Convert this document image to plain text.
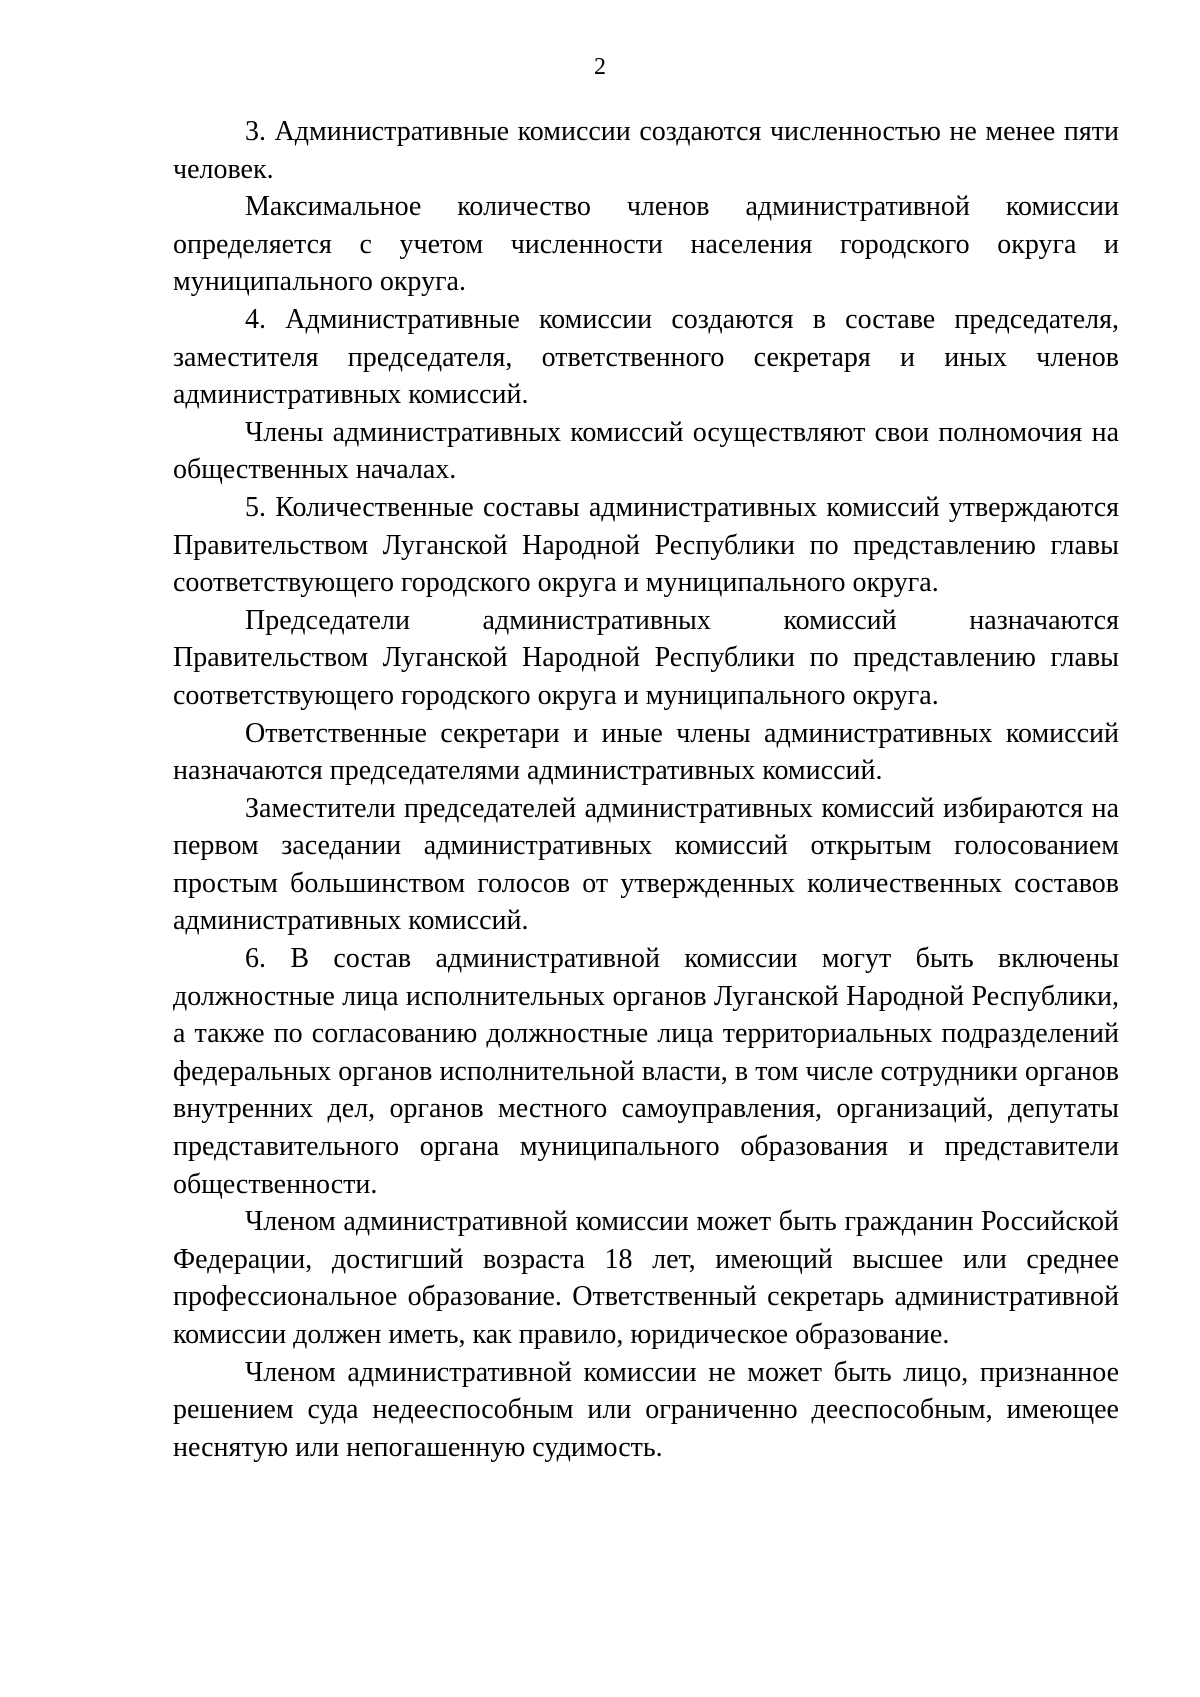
2

3. Административные комиссии создаются численностью не менее пяти человек.

Максимальное количество членов административной комиссии определяется с учетом численности населения городского округа и муниципального округа.

4. Административные комиссии создаются в составе председателя, заместителя председателя, ответственного секретаря и иных членов административных комиссий.

Члены административных комиссий осуществляют свои полномочия на общественных началах.

5. Количественные составы административных комиссий утверждаются Правительством Луганской Народной Республики по представлению главы соответствующего городского округа и муниципального округа.

Председатели административных комиссий назначаются Правительством Луганской Народной Республики по представлению главы соответствующего городского округа и муниципального округа.

Ответственные секретари и иные члены административных комиссий назначаются председателями административных комиссий.

Заместители председателей административных комиссий избираются на первом заседании административных комиссий открытым голосованием простым большинством голосов от утвержденных количественных составов административных комиссий.

6. В состав административной комиссии могут быть включены должностные лица исполнительных органов Луганской Народной Республики, а также по согласованию должностные лица территориальных подразделений федеральных органов исполнительной власти, в том числе сотрудники органов внутренних дел, органов местного самоуправления, организаций, депутаты представительного органа муниципального образования и представители общественности.

Членом административной комиссии может быть гражданин Российской Федерации, достигший возраста 18 лет, имеющий высшее или среднее профессиональное образование. Ответственный секретарь административной комиссии должен иметь, как правило, юридическое образование.

Членом административной комиссии не может быть лицо, признанное решением суда недееспособным или ограниченно дееспособным, имеющее неснятую или непогашенную судимость.
